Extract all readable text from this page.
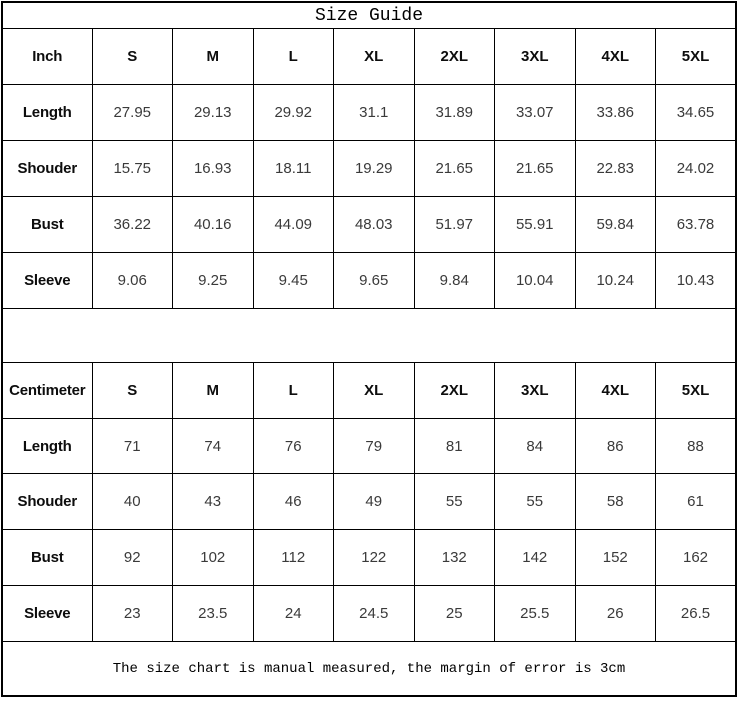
Size Guide								
Inch	S	M	L	XL	2XL	3XL	4XL	5XL
Length	27.95	29.13	29.92	31.1	31.89	33.07	33.86	34.65
Shouder	15.75	16.93	18.11	19.29	21.65	21.65	22.83	24.02
Bust	36.22	40.16	44.09	48.03	51.97	55.91	59.84	63.78
Sleeve	9.06	9.25	9.45	9.65	9.84	10.04	10.24	10.43

Centimeter	S	M	L	XL	2XL	3XL	4XL	5XL
Length	71	74	76	79	81	84	86	88
Shouder	40	43	46	49	55	55	58	61
Bust	92	102	112	122	132	142	152	162
Sleeve	23	23.5	24	24.5	25	25.5	26	26.5
The size chart is manual measured, the margin of error is 3cm								
